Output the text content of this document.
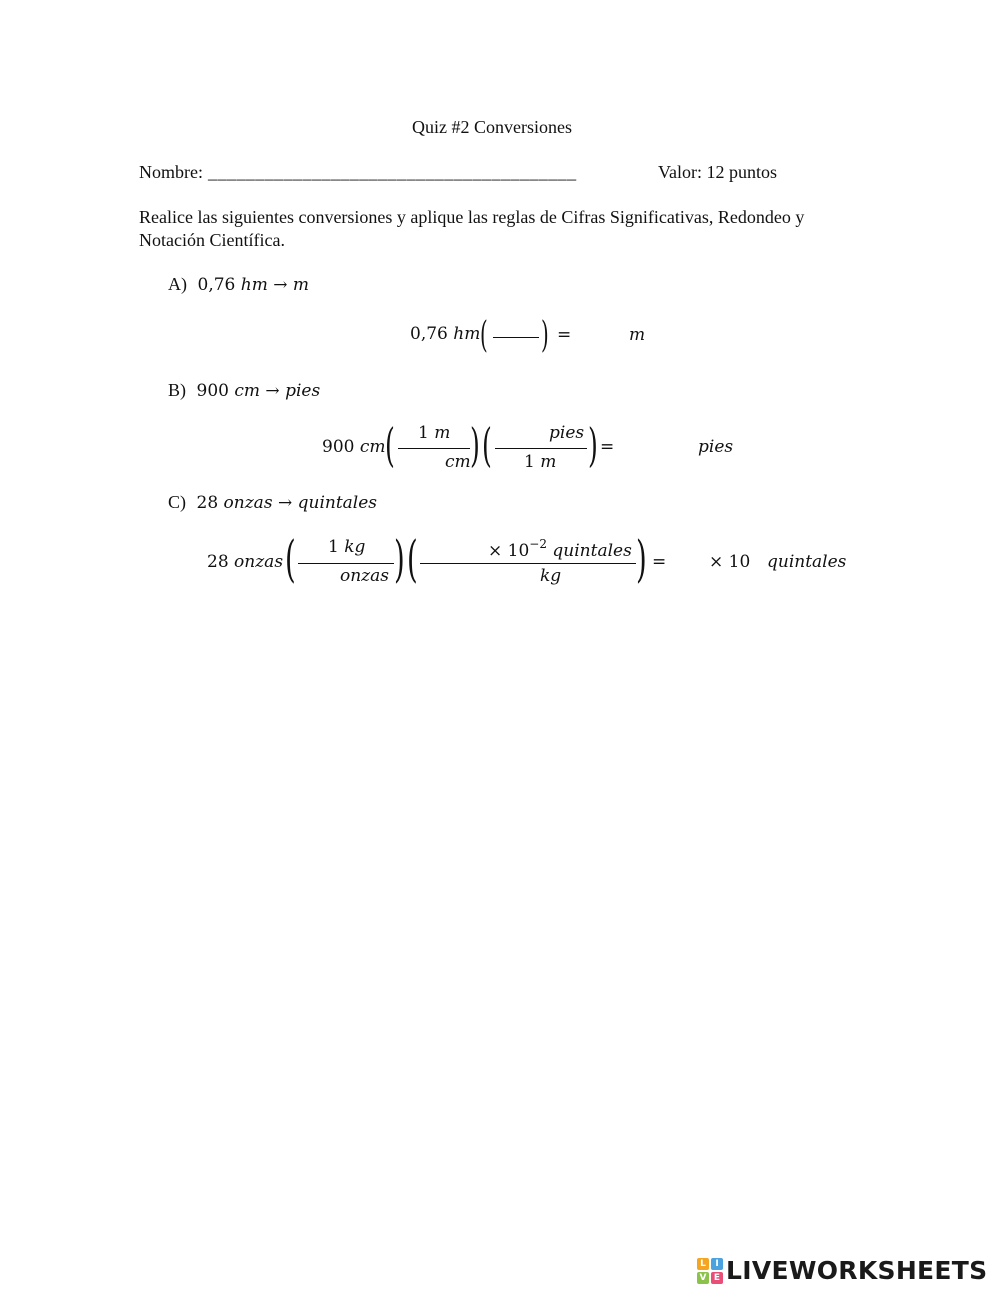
Quiz #2 Conversiones
Nombre: _______________________________________	Valor: 12 puntos
Realice las siguientes conversiones y aplique las reglas de Cifras Significativas, Redondeo y
Notación Científica.
A) 0,76 hm → m
0,76 hm ( ) =	m
B) 900 cm → pies
900 cm ( 1 m
cm ) (	pies
1 m ) =	pies
C) 28 onzas → quintales
28 onzas ( 1 kg
onzas ) (	× $10^{-2}$ quintales
kg ) =	× 10 quintales
L	I
V E LIVEWORKSHEETS
